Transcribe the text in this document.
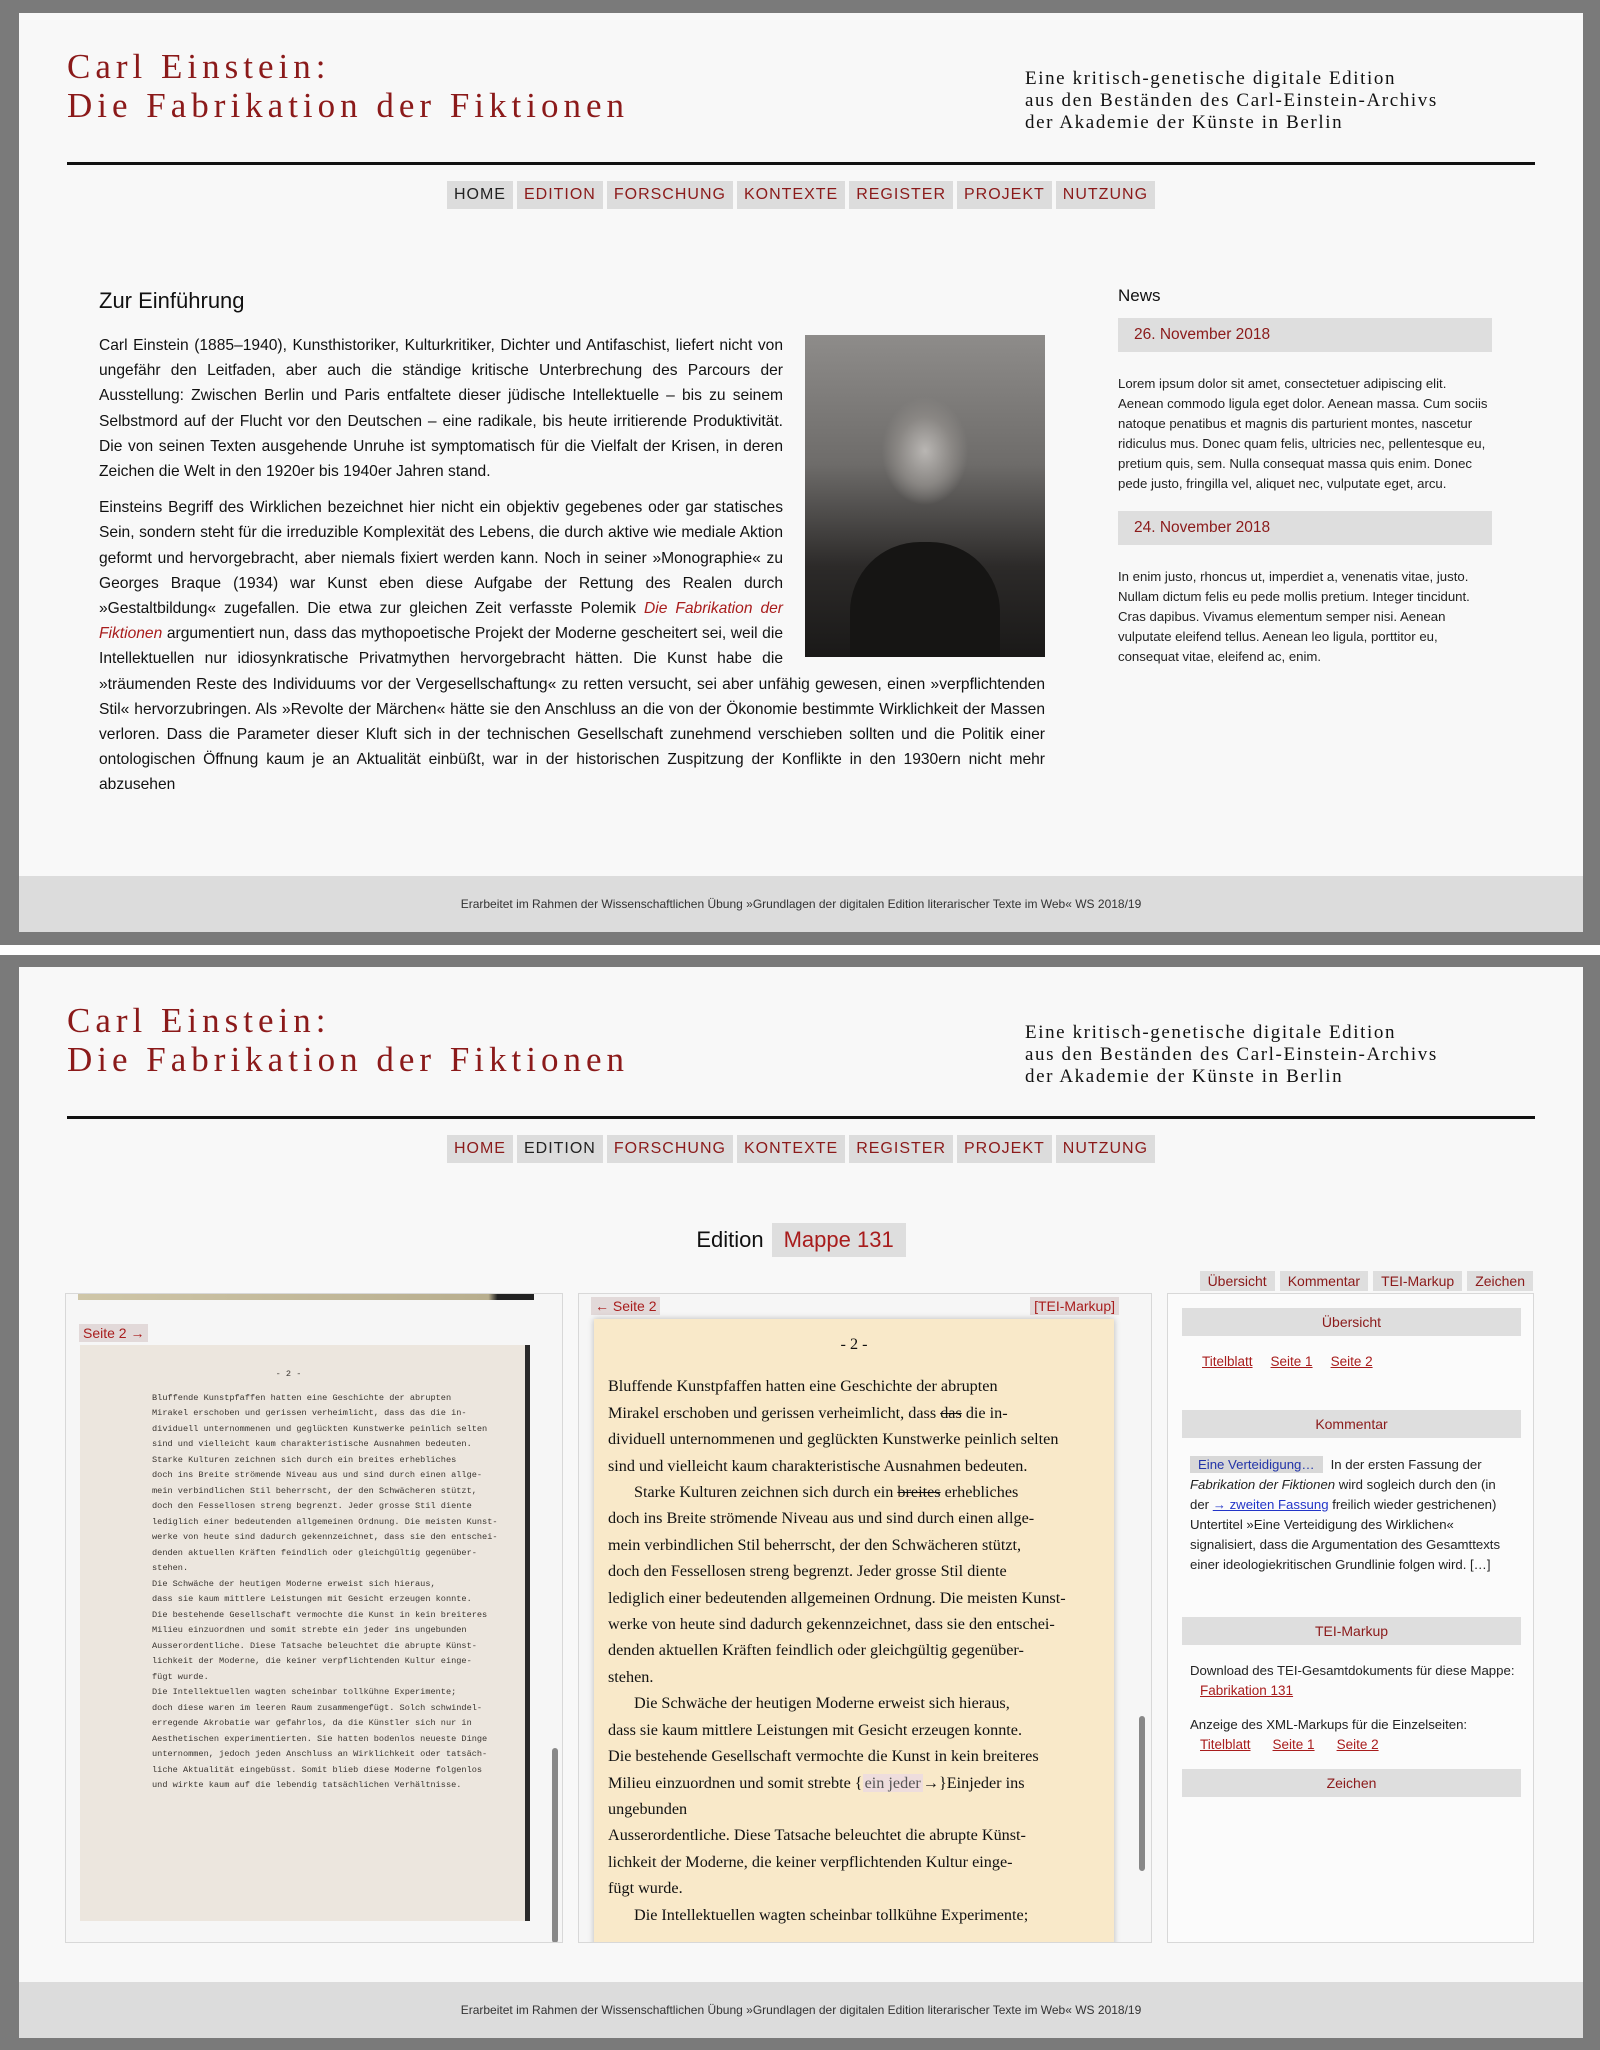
Carl Einstein:
Die Fabrikation der Fiktionen
Eine kritisch-genetische digitale Edition
aus den Beständen des Carl-Einstein-Archivs
der Akademie der Künste in Berlin
HOME	EDITION	FORSCHUNG	KONTEXTE	REGISTER	PROJEKT	NUTZUNG
Zur Einführung

Carl Einstein (1885–1940), Kunsthistoriker, Kulturkritiker, Dichter und Antifaschist, liefert nicht von ungefähr den Leitfaden, aber auch die ständige kritische Unterbrechung des Parcours der Ausstellung: Zwischen Berlin und Paris entfaltete dieser jüdische Intellektuelle – bis zu seinem Selbstmord auf der Flucht vor den Deutschen – eine radikale, bis heute irritierende Produktivität. Die von seinen Texten ausgehende Unruhe ist symptomatisch für die Vielfalt der Krisen, in deren Zeichen die Welt in den 1920er bis 1940er Jahren stand.

Einsteins Begriff des Wirklichen bezeichnet hier nicht ein objektiv gegebenes oder gar statisches Sein, sondern steht für die irreduzible Komplexität des Lebens, die durch aktive wie mediale Aktion geformt und hervorgebracht, aber niemals fixiert werden kann. Noch in seiner »Monographie« zu Georges Braque (1934) war Kunst eben diese Aufgabe der Rettung des Realen durch »Gestaltbildung« zugefallen. Die etwa zur gleichen Zeit verfasste Polemik Die Fabrikation der Fiktionen argumentiert nun, dass das mythopoetische Projekt der Moderne gescheitert sei, weil die Intellektuellen nur idiosynkratische Privatmythen hervorgebracht hätten. Die Kunst habe die »träumenden Reste des Individuums vor der Vergesellschaftung« zu retten versucht, sei aber unfähig gewesen, einen »verpflichtenden Stil« hervorzubringen. Als »Revolte der Märchen« hätte sie den Anschluss an die von der Ökonomie bestimmte Wirklichkeit der Massen verloren. Dass die Parameter dieser Kluft sich in der technischen Gesellschaft zunehmend verschieben sollten und die Politik einer ontologischen Öffnung kaum je an Aktualität einbüßt, war in der historischen Zuspitzung der Konflikte in den 1930ern nicht mehr abzusehen

News
26. November 2018
Lorem ipsum dolor sit amet, consectetuer adipiscing elit. Aenean commodo ligula eget dolor. Aenean massa. Cum sociis natoque penatibus et magnis dis parturient montes, nascetur ridiculus mus. Donec quam felis, ultricies nec, pellentesque eu, pretium quis, sem. Nulla consequat massa quis enim. Donec pede justo, fringilla vel, aliquet nec, vulputate eget, arcu.
24. November 2018
In enim justo, rhoncus ut, imperdiet a, venenatis vitae, justo. Nullam dictum felis eu pede mollis pretium. Integer tincidunt. Cras dapibus. Vivamus elementum semper nisi. Aenean vulputate eleifend tellus. Aenean leo ligula, porttitor eu, consequat vitae, eleifend ac, enim.
Erarbeitet im Rahmen der Wissenschaftlichen Übung »Grundlagen der digitalen Edition literarischer Texte im Web« WS 2018/19
Carl Einstein:
Die Fabrikation der Fiktionen
Eine kritisch-genetische digitale Edition
aus den Beständen des Carl-Einstein-Archivs
der Akademie der Künste in Berlin
HOME	EDITION	FORSCHUNG	KONTEXTE	REGISTER	PROJEKT	NUTZUNG
Edition Mappe 131
Übersicht	Kommentar	TEI-Markup	Zeichen
Seite 2 →
- 2 -
Bluffende Kunstpfaffen hatten eine Geschichte der abrupten
Mirakel erschoben und gerissen verheimlicht, dass das die in-
dividuell unternommenen und geglückten Kunstwerke peinlich selten
sind und vielleicht kaum charakteristische Ausnahmen bedeuten.
Starke Kulturen zeichnen sich durch ein breites erhebliches
doch ins Breite strömende Niveau aus und sind durch einen allge-
mein verbindlichen Stil beherrscht, der den Schwächeren stützt,
doch den Fessellosen streng begrenzt. Jeder grosse Stil diente
lediglich einer bedeutenden allgemeinen Ordnung. Die meisten Kunst-
werke von heute sind dadurch gekennzeichnet, dass sie den entschei-
denden aktuellen Kräften feindlich oder gleichgültig gegenüber-
stehen.
Die Schwäche der heutigen Moderne erweist sich hieraus,
dass sie kaum mittlere Leistungen mit Gesicht erzeugen konnte.
Die bestehende Gesellschaft vermochte die Kunst in kein breiteres
Milieu einzuordnen und somit strebte ein jeder ins ungebunden
Ausserordentliche. Diese Tatsache beleuchtet die abrupte Künst-
lichkeit der Moderne, die keiner verpflichtenden Kultur einge-
fügt wurde.
Die Intellektuellen wagten scheinbar tollkühne Experimente;
doch diese waren im leeren Raum zusammengefügt. Solch schwindel-
erregende Akrobatie war gefahrlos, da die Künstler sich nur in
Aesthetischen experimentierten. Sie hatten bodenlos neueste Dinge
unternommen, jedoch jeden Anschluss an Wirklichkeit oder tatsäch-
liche Aktualität eingebüsst. Somit blieb diese Moderne folgenlos
und wirkte kaum auf die lebendig tatsächlichen Verhältnisse.
← Seite 2	[TEI-Markup]
- 2 -
Bluffende Kunstpfaffen hatten eine Geschichte der abrupten
Mirakel erschoben und gerissen verheimlicht, dass das die in-
dividuell unternommenen und geglückten Kunstwerke peinlich selten
sind und vielleicht kaum charakteristische Ausnahmen bedeuten.
Starke Kulturen zeichnen sich durch ein breites erhebliches
doch ins Breite strömende Niveau aus und sind durch einen allge-
mein verbindlichen Stil beherrscht, der den Schwächeren stützt,
doch den Fessellosen streng begrenzt. Jeder grosse Stil diente
lediglich einer bedeutenden allgemeinen Ordnung. Die meisten Kunst-
werke von heute sind dadurch gekennzeichnet, dass sie den entschei-
denden aktuellen Kräften feindlich oder gleichgültig gegenüber-
stehen.
Die Schwäche der heutigen Moderne erweist sich hieraus,
dass sie kaum mittlere Leistungen mit Gesicht erzeugen konnte.
Die bestehende Gesellschaft vermochte die Kunst in kein breiteres
Milieu einzuordnen und somit strebte { ein jeder →}Einjeder ins
ungebunden
Ausserordentliche. Diese Tatsache beleuchtet die abrupte Künst-
lichkeit der Moderne, die keiner verpflichtenden Kultur einge-
fügt wurde.
Die Intellektuellen wagten scheinbar tollkühne Experimente;
Übersicht
Titelblatt Seite 1 Seite 2
Kommentar
Eine Verteidigung… In der ersten Fassung der Fabrikation der Fiktionen wird sogleich durch den (in der → zweiten Fassung freilich wieder gestrichenen) Untertitel »Eine Verteidigung des Wirklichen« signalisiert, dass die Argumentation des Gesamttexts einer ideologiekritischen Grundlinie folgen wird. […]
TEI-Markup
Download des TEI-Gesamtdokuments für diese Mappe:
Fabrikation 131
Anzeige des XML-Markups für die Einzelseiten:
Titelblatt Seite 1 Seite 2
Zeichen
Erarbeitet im Rahmen der Wissenschaftlichen Übung »Grundlagen der digitalen Edition literarischer Texte im Web« WS 2018/19
